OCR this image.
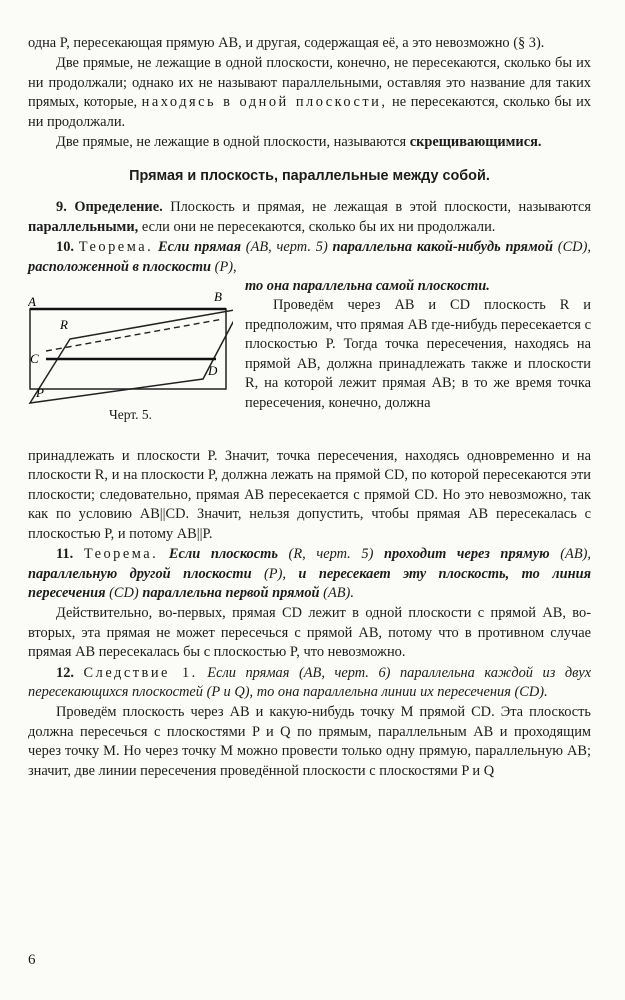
одна P, пересекающая прямую AB, и другая, содержащая её, а это невозможно (§ 3).

Две прямые, не лежащие в одной плоскости, конечно, не пересекаются, сколько бы их ни продолжали; однако их не называют параллельными, оставляя это название для таких прямых, которые, находясь в одной плоскости, не пересекаются, сколько бы их ни продолжали.

Две прямые, не лежащие в одной плоскости, называются скрещивающимися.

Прямая и плоскость, параллельные между собой.

9. Определение. Плоскость и прямая, не лежащая в этой плоскости, называются параллельными, если они не пересекаются, сколько бы их ни продолжали.

10. Теорема. Если прямая (AB, черт. 5) параллельна какой-нибудь прямой (CD), расположенной в плоскости (P),

A	B
C
D
R
P
Черт. 5.

то она параллельна самой плоскости.

Проведём через AB и CD плоскость R и предположим, что прямая AB где-нибудь пересекается с плоскостью P. Тогда точка пересечения, находясь на прямой AB, должна принадлежать также и плоскости R, на которой лежит прямая AB; в то же время точка пересечения, конечно, должна

принадлежать и плоскости P. Значит, точка пересечения, находясь одновременно и на плоскости R, и на плоскости P, должна лежать на прямой CD, по которой пересекаются эти плоскости; следовательно, прямая AB пересекается с прямой CD. Но это невозможно, так как по условию AB||CD. Значит, нельзя допустить, чтобы прямая AB пересекалась с плоскостью P, и потому AB||P.

11. Теорема. Если плоскость (R, черт. 5) проходит через прямую (AB), параллельную другой плоскости (P), и пересекает эту плоскость, то линия пересечения (CD) параллельна первой прямой (AB).

Действительно, во-первых, прямая CD лежит в одной плоскости с прямой AB, во-вторых, эта прямая не может пересечься с прямой AB, потому что в противном случае прямая AB пересекалась бы с плоскостью P, что невозможно.

12. Следствие 1. Если прямая (AB, черт. 6) параллельна каждой из двух пересекающихся плоскостей (P и Q), то она параллельна линии их пересечения (CD).

Проведём плоскость через AB и какую-нибудь точку M прямой CD. Эта плоскость должна пересечься с плоскостями P и Q по прямым, параллельным AB и проходящим через точку M. Но через точку M можно провести только одну прямую, параллельную AB; значит, две линии пересечения проведённой плоскости с плоскостями P и Q

6
